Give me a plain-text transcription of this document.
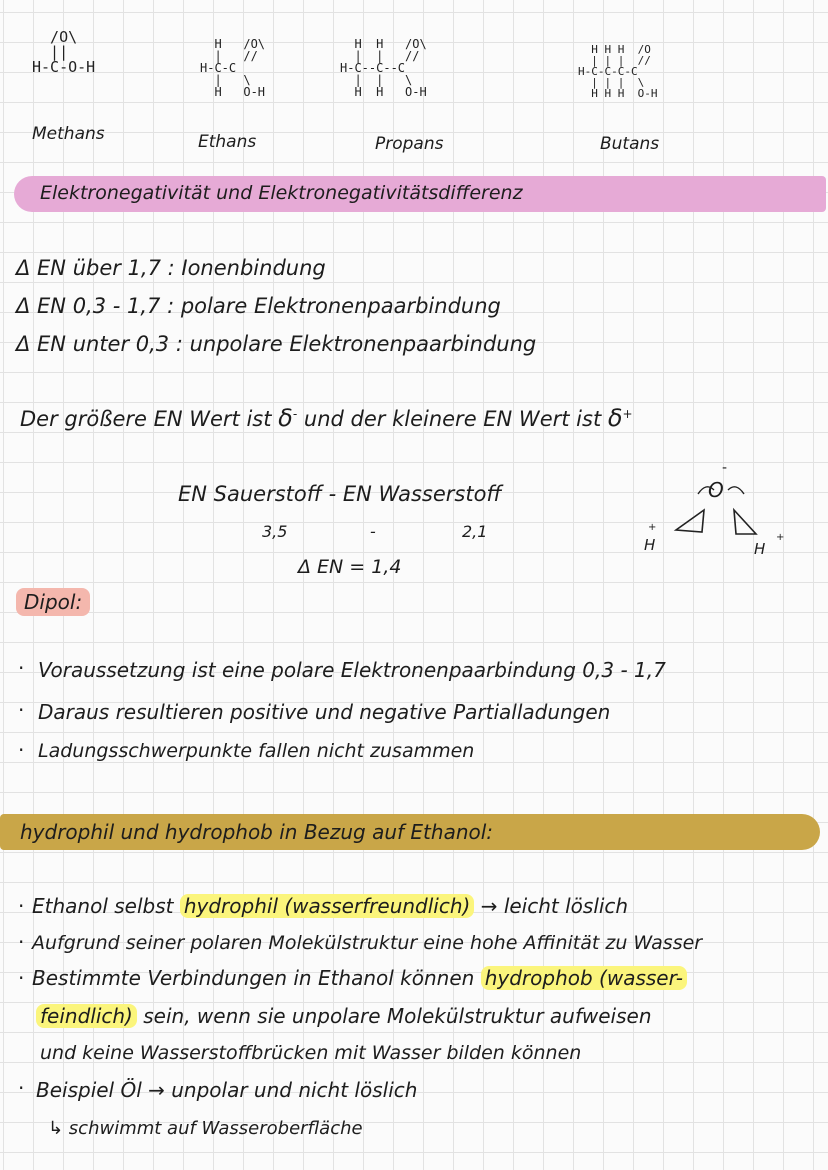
/O\
||
H-C-O-H
Methans
H   /O\
|   //
H-C-C
|   \
H   O-H
Ethans
H  H   /O\
|  |   //
H-C--C--C
|  |   \
H  H   O-H
Propans
H H H  /O
| | |  //
H-C-C-C-C
| | |  \
H H H  O-H
Butans
Elektronegativität und Elektronegativitätsdifferenz
Δ EN über 1,7 : Ionenbindung
Δ EN 0,3 - 1,7 : polare Elektronenpaarbindung
Δ EN unter 0,3 : unpolare Elektronenpaarbindung
Der größere EN Wert ist δ- und der kleinere EN Wert ist δ+
EN Sauerstoff - EN Wasserstoff
3,5	-	2,1
Δ EN = 1,4
-
O
+
H	H
+
Dipol:
· Voraussetzung ist eine polare Elektronenpaarbindung 0,3 - 1,7
· Daraus resultieren positive und negative Partialladungen
· Ladungsschwerpunkte fallen nicht zusammen
hydrophil und hydrophob in Bezug auf Ethanol:
· Ethanol selbst hydrophil (wasserfreundlich) → leicht löslich
· Aufgrund seiner polaren Molekülstruktur eine hohe Affinität zu Wasser
· Bestimmte Verbindungen in Ethanol können hydrophob (wasser-
feindlich) sein, wenn sie unpolare Molekülstruktur aufweisen
und keine Wasserstoffbrücken mit Wasser bilden können
· Beispiel Öl → unpolar und nicht löslich
↳ schwimmt auf Wasseroberfläche
